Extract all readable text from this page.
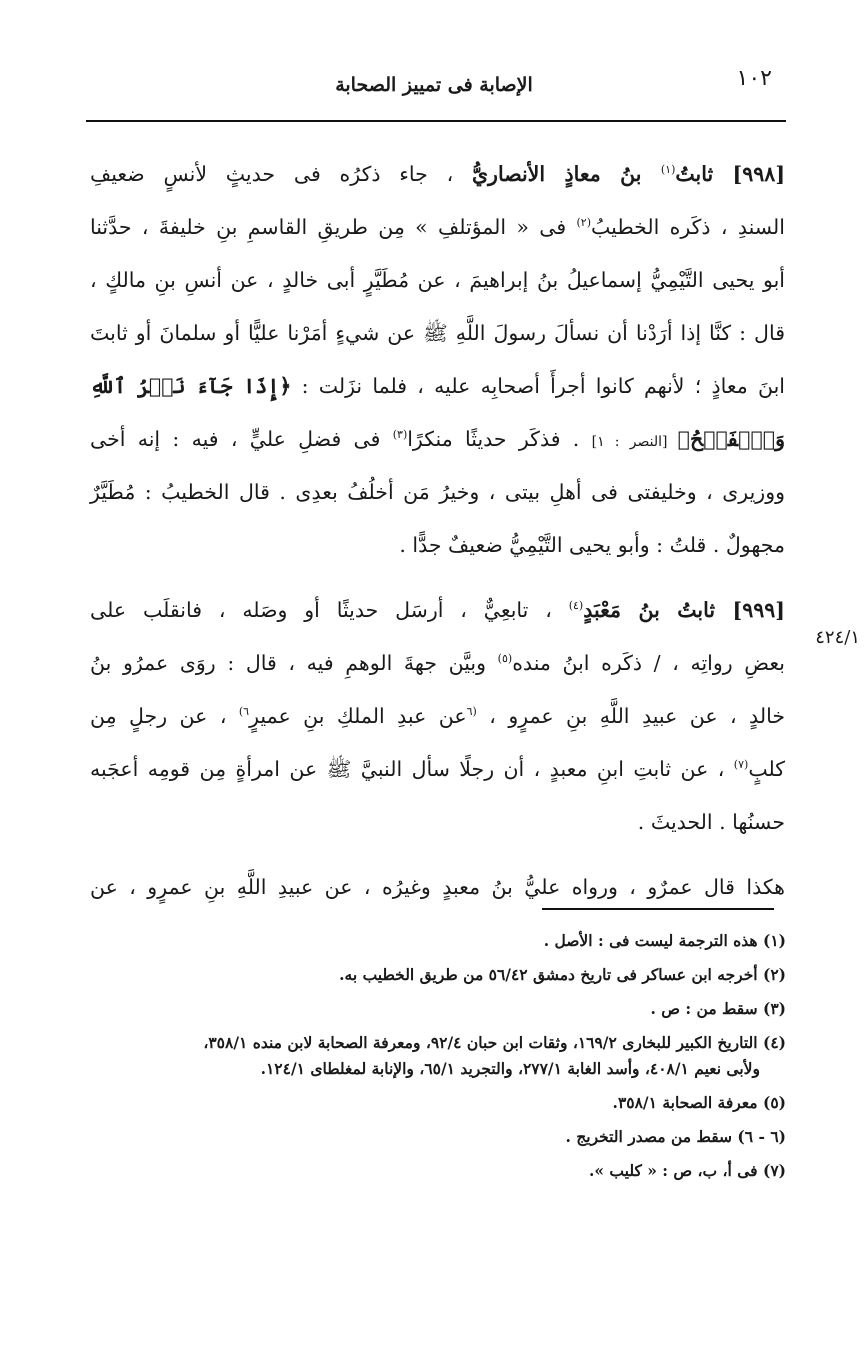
١٠٢
الإصابة فى تمييز الصحابة
٤٢٤/١
[٩٩٨] ثابتُ$^{(١)}$ بنُ معاذٍ الأنصاريُّ ، جاء ذكرُه فى حديثٍ لأنسٍ ضعيفِ
السندِ ، ذكَره الخطيبُ$^{(٢)}$ فى « المؤتلفِ » مِن طريقِ القاسمِ بنِ خليفةَ ، حدَّثنا
أبو يحيى التَّيْمِيُّ إسماعيلُ بنُ إبراهيمَ ، عن مُطَيَّرٍ أبى خالدٍ ، عن أنسِ بنِ مالكٍ ،
قال : كنَّا إذا أرَدْنا أن نسألَ رسولَ اللَّهِ ﷺ عن شيءٍ أمَرْنا عليًّا أو سلمانَ أو ثابتَ
ابنَ معاذٍ ؛ لأنهم كانوا أجرأَ أصحابِه عليه ، فلما نزَلت : ﴿إِذَا جَآءَ نَصۡرُ ٱللَّهِ
وَٱلۡفَتۡحُ﴾ [النصر : ١] . فذكَر حديثًا منكرًا$^{(٣)}$ فى فضلِ عليٍّ ، فيه : إنه أخى
ووزيرى ، وخليفتى فى أهلِ بيتى ، وخيرُ مَن أخلُفُ بعدِى . قال الخطيبُ : مُطَيَّرٌ
مجهولٌ . قلتُ : وأبو يحيى التَّيْمِيُّ ضعيفٌ جدًّا .
[٩٩٩] ثابتُ بنُ مَعْبَدٍ$^{(٤)}$ ، تابعِيٌّ ، أرسَل حديثًا أو وصَله ، فانقلَب على
بعضِ رواتِه ، / ذكَره ابنُ منده$^{(٥)}$ وبيَّن جهةَ الوهمِ فيه ، قال : روَى عمرُو بنُ
خالدٍ ، عن عبيدِ اللَّهِ بنِ عمرٍو ، $^{(٦}$عن عبدِ الملكِ بنِ عميرٍ$^{٦)}$ ، عن رجلٍ مِن
كلبٍ$^{(٧)}$ ، عن ثابتِ ابنِ معبدٍ ، أن رجلًا سأل النبيَّ ﷺ عن امرأةٍ مِن قومِه أعجَبه
حسنُها . الحديثَ .
هكذا قال عمرٌو ، ورواه عليُّ بنُ معبدٍ وغيرُه ، عن عبيدِ اللَّهِ بنِ عمرٍو ، عن
(١) هذه الترجمة ليست فى : الأصل .
(٢) أخرجه ابن عساكر فى تاريخ دمشق ٥٦/٤٢ من طريق الخطيب به.
(٣) سقط من : ص .
(٤) التاريخ الكبير للبخارى ١٦٩/٢، وثقات ابن حبان ٩٢/٤، ومعرفة الصحابة لابن منده ٣٥٨/١،
ولأبى نعيم ٤٠٨/١، وأسد الغابة ٢٧٧/١، والتجريد ٦٥/١، والإنابة لمغلطاى ١٢٤/١.
(٥) معرفة الصحابة ٣٥٨/١.
(٦ - ٦) سقط من مصدر التخريج .
(٧) فى أ، ب، ص : « كليب ».
